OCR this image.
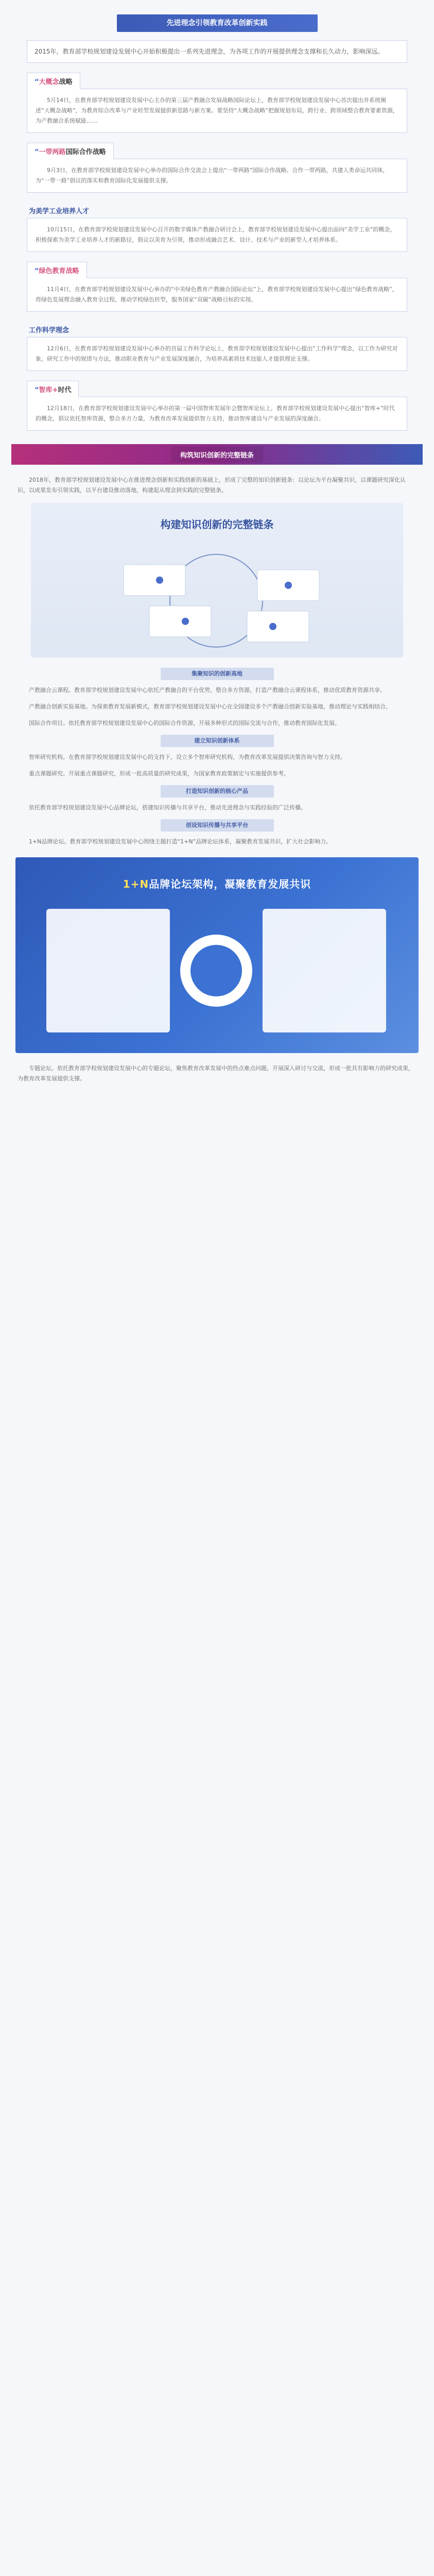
先进理念引领教育改革创新实践
2015年，教育部学校规划建设发展中心开始积极提出一系列先进理念，为各项工作的开展提供理念支撑和长久动力，影响深远。
“大概念战略
5月14日，在教育部学校规划建设发展中心主办的第三届产教融合发展战略国际论坛上，教育部学校规划建设发展中心首次提出并系统阐述“大概念战略”，为教育综合改革与产业转型发展提供新思路与新方案。要坚持“大概念战略”把握规划布局，跨行业、跨领域整合教育要素资源，为产教融合系统赋能……
“一带两路国际合作战略
9月3日，在教育部学校规划建设发展中心举办的国际合作交流会上提出“一带两路”国际合作战略。合作一带两路，共建人类命运共同体，为“一带一路”倡议的落实和教育国际化发展提供支撑。
为美学工业培养人才
10月15日，在教育部学校规划建设发展中心召开的数字媒体产教融合研讨会上，教育部学校规划建设发展中心提出面向“美学工业”的概念，积极探索为美学工业培养人才的新路径，倡议以美育为引领，推动形成融合艺术、设计、技术与产业的新型人才培养体系。
“绿色教育战略
11月4日，在教育部学校规划建设发展中心举办的“中美绿色教育产教融合国际论坛”上，教育部学校规划建设发展中心提出“绿色教育战略”，将绿色发展理念融入教育全过程，推动学校绿色转型，服务国家“双碳”战略目标的实现。
工作科学理念
12月6日，在教育部学校规划建设发展中心举办的首届工作科学论坛上，教育部学校规划建设发展中心提出“工作科学”理念，以工作为研究对象，研究工作中的规律与方法，推动职业教育与产业发展深度融合，为培养高素质技术技能人才提供理论支撑。
“智库+时代
12月18日，在教育部学校规划建设发展中心举办的第一届中国智库发展年会暨智库论坛上，教育部学校规划建设发展中心提出“智库+”时代的概念，倡议依托智库资源，整合多方力量，为教育改革发展提供智力支持，推动智库建设与产业发展的深度融合。
构筑知识创新的完整链条
2018年，教育部学校规划建设发展中心在推进理念创新和实践创新的基础上，形成了完整的知识创新链条：以论坛为平台凝聚共识，以课题研究深化认识，以成果发布引领实践，以平台建设推动落地，构建起从理念到实践的完整链条。
构建知识创新的完整链条
集聚知识的创新高地
产教融合云课程。教育部学校规划建设发展中心依托产教融合的平台优势，整合多方资源，打造产教融合云课程体系，推动优质教育资源共享。
产教融合创新实验基地。为探索教育发展新模式，教育部学校规划建设发展中心在全国建设多个产教融合创新实验基地，推动理论与实践相结合。
国际合作项目。依托教育部学校规划建设发展中心的国际合作资源，开展多种形式的国际交流与合作，推动教育国际化发展。
建立知识创新体系
智库研究机构。在教育部学校规划建设发展中心的支持下，设立多个智库研究机构，为教育改革发展提供决策咨询与智力支持。
重点课题研究。开展重点课题研究，形成一批高质量的研究成果，为国家教育政策制定与实施提供参考。
打造知识创新的核心产品
依托教育部学校规划建设发展中心品牌论坛，搭建知识传播与共享平台，推动先进理念与实践经验的广泛传播。
创设知识传播与共享平台
1+N品牌论坛。教育部学校规划建设发展中心围绕主题打造“1+N”品牌论坛体系，凝聚教育发展共识，扩大社会影响力。
1+N品牌论坛架构，凝聚教育发展共识
专题论坛。依托教育部学校规划建设发展中心的专题论坛，聚焦教育改革发展中的热点难点问题，开展深入研讨与交流，形成一批具有影响力的研究成果，为教育改革发展提供支撑。
